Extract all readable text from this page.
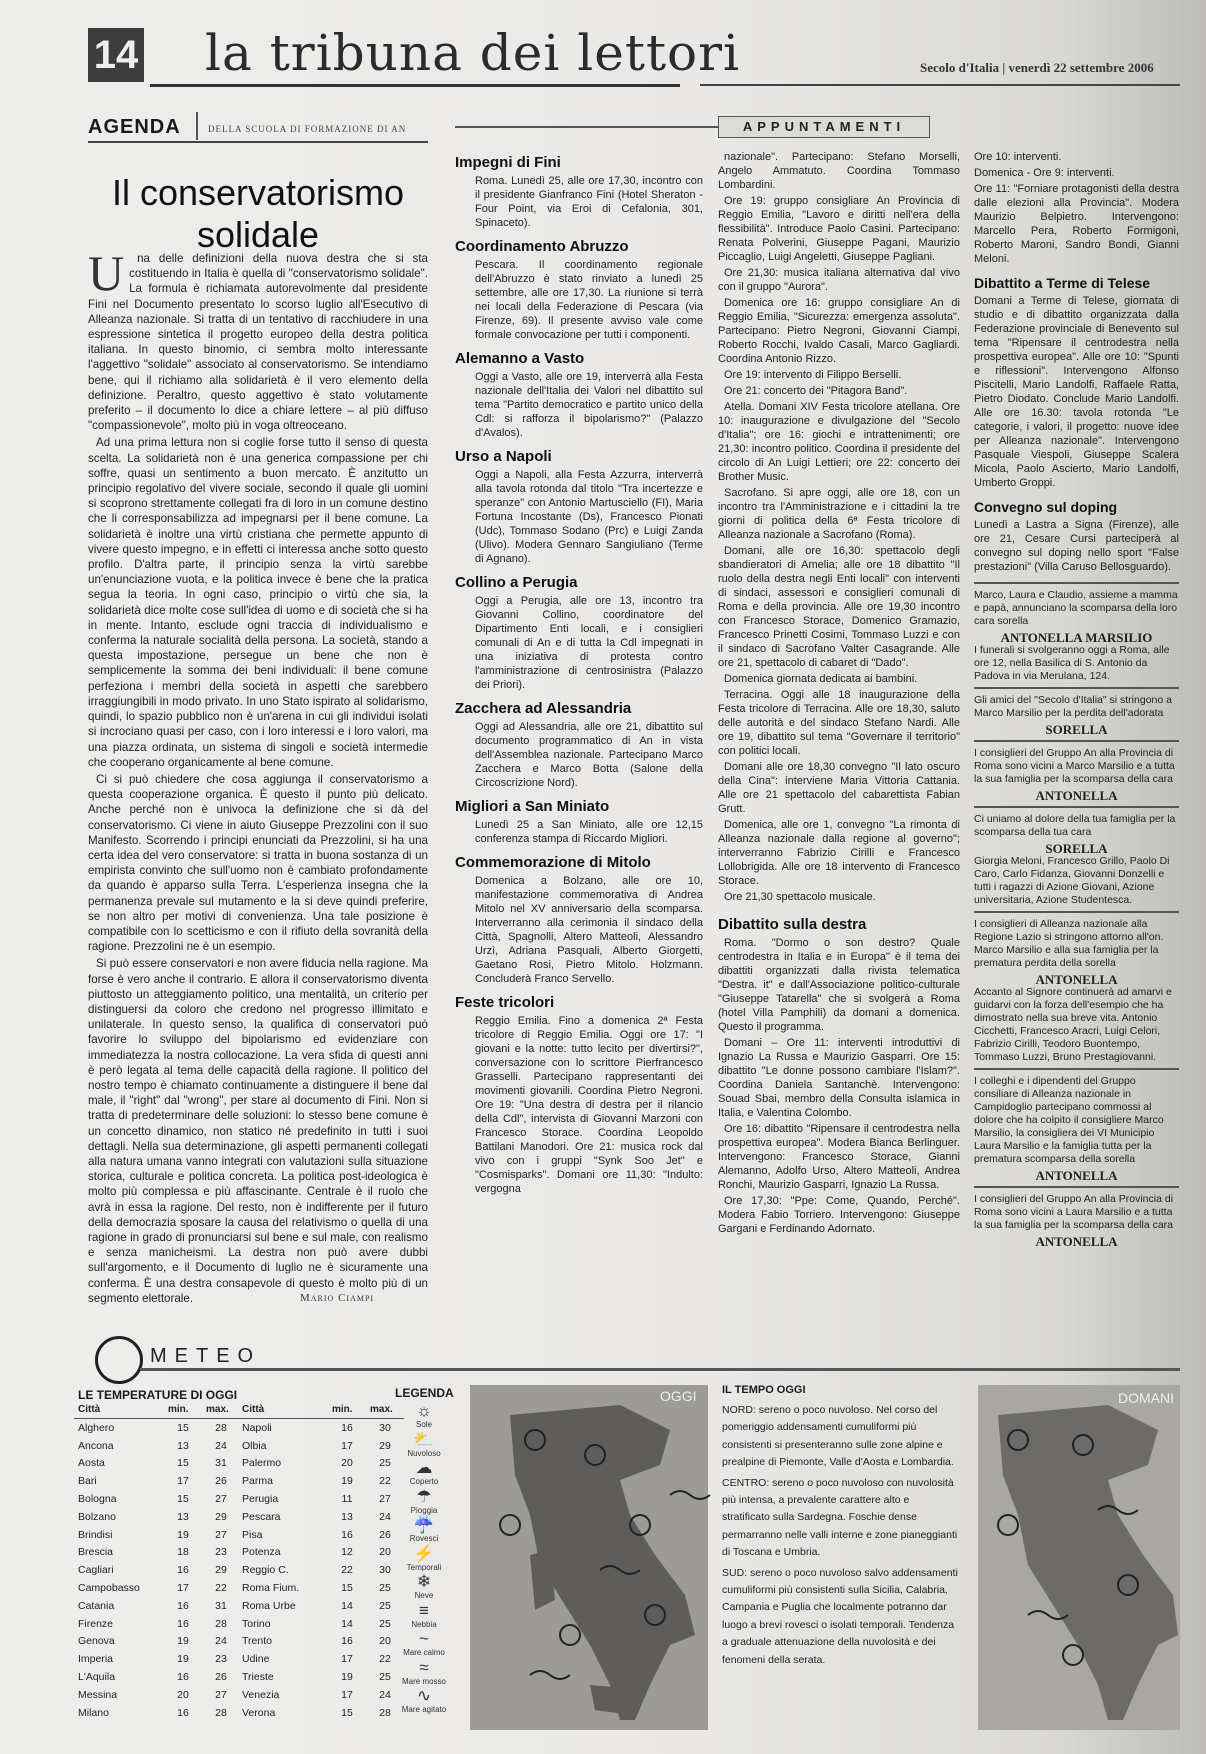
14 la tribuna dei lettori	Secolo d'Italia | venerdì 22 settembre 2006
AGENDA	DELLA SCUOLA DI FORMAZIONE DI AN
Il conservatorismo solidale
U	na delle definizioni della nuova destra che si sta costituendo in Italia è quella di "conservatorismo solidale". La formula è richiamata autorevolmente dal presidente Fini nel Documento presentato lo scorso luglio all'Esecutivo di Alleanza nazionale. Si tratta di un tentativo di racchiudere in una espressione sintetica il progetto europeo della destra politica italiana. In questo binomio, ci sembra molto interessante l'aggettivo "solidale" associato al conservatorismo. Se intendiamo bene, qui il richiamo alla solidarietà è il vero elemento della definizione. Peraltro, questo aggettivo è stato volutamente preferito – il documento lo dice a chiare lettere – al più diffuso "compassionevole", molto più in voga oltreoceano.

Ad una prima lettura non si coglie forse tutto il senso di questa scelta. La solidarietà non è una generica compassione per chi soffre, quasi un sentimento a buon mercato. È anzitutto un principio regolativo del vivere sociale, secondo il quale gli uomini si scoprono strettamente collegati fra di loro in un comune destino che li corresponsabilizza ad impegnarsi per il bene comune. La solidarietà è inoltre una virtù cristiana che permette appunto di vivere questo impegno, e in effetti ci interessa anche sotto questo profilo. D'altra parte, il principio senza la virtù sarebbe un'enunciazione vuota, e la politica invece è bene che la pratica segua la teoria. In ogni caso, principio o virtù che sia, la solidarietà dice molte cose sull'idea di uomo e di società che si ha in mente. Intanto, esclude ogni traccia di individualismo e conferma la naturale socialità della persona. La società, stando a questa impostazione, persegue un bene che non è semplicemente la somma dei beni individuali: il bene comune perfeziona i membri della società in aspetti che sarebbero irraggiungibili in modo privato. In uno Stato ispirato al solidarismo, quindi, lo spazio pubblico non è un'arena in cui gli individui isolati si incrociano quasi per caso, con i loro interessi e i loro valori, ma una piazza ordinata, un sistema di singoli e società intermedie che cooperano organicamente al bene comune.

Ci si può chiedere che cosa aggiunga il conservatorismo a questa cooperazione organica. È questo il punto più delicato. Anche perché non è univoca la definizione che si dà del conservatorismo. Ci viene in aiuto Giuseppe Prezzolini con il suo Manifesto. Scorrendo i principi enunciati da Prezzolini, si ha una certa idea del vero conservatore: si tratta in buona sostanza di un empirista convinto che sull'uomo non è cambiato profondamente da quando è apparso sulla Terra. L'esperienza insegna che la permanenza prevale sul mutamento e la si deve quindi preferire, se non altro per motivi di convenienza. Una tale posizione è compatibile con lo scetticismo e con il rifiuto della sovranità della ragione. Prezzolini ne è un esempio.

Si può essere conservatori e non avere fiducia nella ragione. Ma forse è vero anche il contrario. E allora il conservatorismo diventa piuttosto un atteggiamento politico, una mentalità, un criterio per distinguersi da coloro che credono nel progresso illimitato e unilaterale. In questo senso, la qualifica di conservatori può favorire lo sviluppo del bipolarismo ed evidenziare con immediatezza la nostra collocazione. La vera sfida di questi anni è però legata al tema delle capacità della ragione. Il politico del nostro tempo è chiamato continuamente a distinguere il bene dal male, il "right" dal "wrong", per stare al documento di Fini. Non si tratta di predeterminare delle soluzioni: lo stesso bene comune è un concetto dinamico, non statico né predefinito in tutti i suoi dettagli. Nella sua determinazione, gli aspetti permanenti collegati alla natura umana vanno integrati con valutazioni sulla situazione storica, culturale e politica concreta. La politica post-ideologica è molto più complessa e più affascinante. Centrale è il ruolo che avrà in essa la ragione. Del resto, non è indifferente per il futuro della democrazia sposare la causa del relativismo o quella di una ragione in grado di pronunciarsi sul bene e sul male, con realismo e senza manicheismi. La destra non può avere dubbi sull'argomento, e il Documento di luglio ne è sicuramente una conferma. È una destra consapevole di questo è molto più di un segmento elettorale.	Mario Ciampi
APPUNTAMENTI
Impegni di Fini

Roma. Lunedì 25, alle ore 17,30, incontro con il presidente Gianfranco Fini (Hotel Sheraton - Four Point, via Eroi di Cefalonia, 301, Spinaceto).

Coordinamento Abruzzo

Pescara. Il coordinamento regionale dell'Abruzzo è stato rinviato a lunedì 25 settembre, alle ore 17,30. La riunione si terrà nei locali della Federazione di Pescara (via Firenze, 69). Il presente avviso vale come formale convocazione per tutti i componenti.

Alemanno a Vasto

Oggi a Vasto, alle ore 19, interverrà alla Festa nazionale dell'Italia dei Valori nel dibattito sul tema "Partito democratico e partito unico della Cdl: si rafforza il bipolarismo?" (Palazzo d'Avalos).

Urso a Napoli

Oggi a Napoli, alla Festa Azzurra, interverrà alla tavola rotonda dal titolo "Tra incertezze e speranze" con Antonio Martusciello (FI), Maria Fortuna Incostante (Ds), Francesco Pionati (Udc), Tommaso Sodano (Prc) e Luigi Zanda (Ulivo). Modera Gennaro Sangiuliano (Terme di Agnano).

Collino a Perugia

Oggi a Perugia, alle ore 13, incontro tra Giovanni Collino, coordinatore del Dipartimento Enti locali, e i consiglieri comunali di An e di tutta la Cdl impegnati in una iniziativa di protesta contro l'amministrazione di centrosinistra (Palazzo dei Priori).

Zacchera ad Alessandria

Oggi ad Alessandria, alle ore 21, dibattito sul documento programmatico di An in vista dell'Assemblea nazionale. Partecipano Marco Zacchera e Marco Botta (Salone della Circoscrizione Nord).

Migliori a San Miniato

Lunedì 25 a San Miniato, alle ore 12,15 conferenza stampa di Riccardo Migliori.

Commemorazione di Mitolo

Domenica a Bolzano, alle ore 10, manifestazione commemorativa di Andrea Mitolo nel XV anniversario della scomparsa. Interverranno alla cerimonia il sindaco della Città, Spagnolli, Altero Matteoli, Alessandro Urzì, Adriana Pasquali, Alberto Giorgetti, Gaetano Rosi, Pietro Mitolo. Holzmann. Concluderà Franco Servello.

Feste tricolori

Reggio Emilia. Fino a domenica 2ª Festa tricolore di Reggio Emilia. Oggi ore 17: "I giovani e la notte: tutto lecito per divertirsi?", conversazione con lo scrittore Pierfrancesco Grasselli. Partecipano rappresentanti dei movimenti giovanili. Coordina Pietro Negroni. Ore 19: "Una destra di destra per il rilancio della Cdl", intervista di Giovanni Marzoni con Francesco Storace. Coordina Leopoldo Battilani Manodori. Ore 21: musica rock dal vivo con i gruppi "Synk Soo Jet" e "Cosmisparks". Domani ore 11,30: "Indulto: vergogna

nazionale". Partecipano: Stefano Morselli, Angelo Ammatuto. Coordina Tommaso Lombardini.

Ore 19: gruppo consigliare An Provincia di Reggio Emilia, "Lavoro e diritti nell'era della flessibilità". Introduce Paolo Casini. Partecipano: Renata Polverini, Giuseppe Pagani, Maurizio Piccaglio, Luigi Angeletti, Giuseppe Pagliani.

Ore 21,30: musica italiana alternativa dal vivo con il gruppo "Aurora".

Domenica ore 16: gruppo consigliare An di Reggio Emilia, "Sicurezza: emergenza assoluta". Partecipano: Pietro Negroni, Giovanni Ciampi, Roberto Rocchi, Ivaldo Casali, Marco Gagliardi. Coordina Antonio Rizzo.

Ore 19: intervento di Filippo Berselli.

Ore 21: concerto dei "Pitagora Band".

Atella. Domani XIV Festa tricolore atellana. Ore 10: inaugurazione e divulgazione del "Secolo d'Italia"; ore 16: giochi e intrattenimenti; ore 21,30: incontro politico. Coordina il presidente del circolo di An Luigi Lettieri; ore 22: concerto dei Brother Music.

Sacrofano. Si apre oggi, alle ore 18, con un incontro tra l'Amministrazione e i cittadini la tre giorni di politica della 6ª Festa tricolore di Alleanza nazionale a Sacrofano (Roma).

Domani, alle ore 16,30: spettacolo degli sbandieratori di Amelia; alle ore 18 dibattito "Il ruolo della destra negli Enti locali" con interventi di sindaci, assessori e consiglieri comunali di Roma e della provincia. Alle ore 19,30 incontro con Francesco Storace, Domenico Gramazio, Francesco Prinetti Cosimi, Tommaso Luzzi e con il sindaco di Sacrofano Valter Casagrande. Alle ore 21, spettacolo di cabaret di "Dado".

Domenica giornata dedicata ai bambini.

Terracina. Oggi alle 18 inaugurazione della Festa tricolore di Terracina. Alle ore 18,30, saluto delle autorità e del sindaco Stefano Nardi. Alle ore 19, dibattito sul tema "Governare il territorio" con politici locali.

Domani alle ore 18,30 convegno "Il lato oscuro della Cina": interviene Maria Vittoria Cattania. Alle ore 21 spettacolo del cabarettista Fabian Grutt.

Domenica, alle ore 1, convegno "La rimonta di Alleanza nazionale dalla regione al governo"; interverranno Fabrizio Cirilli e Francesco Lollobrigida. Alle ore 18 intervento di Francesco Storace.

Ore 21,30 spettacolo musicale.

Dibattito sulla destra

Roma. "Dormo o son destro? Quale centrodestra in Italia e in Europa" è il tema dei dibattiti organizzati dalla rivista telematica "Destra. it" e dall'Associazione politico-culturale "Giuseppe Tatarella" che si svolgerà a Roma (hotel Villa Pamphili) da domani a domenica. Questo il programma.

Domani – Ore 11: interventi introduttivi di Ignazio La Russa e Maurizio Gasparri. Ore 15: dibattito "Le donne possono cambiare l'Islam?". Coordina Daniela Santanchè. Intervengono: Souad Sbai, membro della Consulta islamica in Italia, e Valentina Colombo.

Ore 16: dibattito "Ripensare il centrodestra nella prospettiva europea". Modera Bianca Berlinguer. Intervengono: Francesco Storace, Gianni Alemanno, Adolfo Urso, Altero Matteoli, Andrea Ronchi, Maurizio Gasparri, Ignazio La Russa.

Ore 17,30: "Ppe: Come, Quando, Perché". Modera Fabio Torriero. Intervengono: Giuseppe Gargani e Ferdinando Adornato.

Ore 10: interventi.

Domenica - Ore 9: interventi.

Ore 11: "Forniare protagonisti della destra dalle elezioni alla Provincia". Modera Maurizio Belpietro. Intervengono: Marcello Pera, Roberto Formigoni, Roberto Maroni, Sandro Bondi, Gianni Meloni.

Dibattito a Terme di Telese

Domani a Terme di Telese, giornata di studio e di dibattito organizzata dalla Federazione provinciale di Benevento sul tema "Ripensare il centrodestra nella prospettiva europea". Alle ore 10: "Spunti e riflessioni". Intervengono Alfonso Piscitelli, Mario Landolfi, Raffaele Ratta, Pietro Diodato. Conclude Mario Landolfi. Alle ore 16.30: tavola rotonda "Le categorie, i valori, il progetto: nuove idee per Alleanza nazionale". Intervengono Pasquale Viespoli, Giuseppe Scalera Micola, Paolo Ascierto, Mario Landolfi, Umberto Groppi.

Convegno sul doping

Lunedì a Lastra a Signa (Firenze), alle ore 21, Cesare Cursi parteciperà al convegno sul doping nello sport "False prestazioni" (Villa Caruso Bellosguardo).

Marco, Laura e Claudio, assieme a mamma e papà, annunciano la scomparsa della loro cara sorella
ANTONELLA MARSILIO
I funerali si svolgeranno oggi a Roma, alle ore 12, nella Basilica di S. Antonio da Padova in via Merulana, 124.
Gli amici del "Secolo d'Italia" si stringono a Marco Marsilio per la perdita dell'adorata
SORELLA
I consiglieri del Gruppo An alla Provincia di Roma sono vicini a Marco Marsilio e a tutta la sua famiglia per la scomparsa della cara
ANTONELLA
Ci uniamo al dolore della tua famiglia per la scomparsa della tua cara
SORELLA
Giorgia Meloni, Francesco Grillo, Paolo Di Caro, Carlo Fidanza, Giovanni Donzelli e tutti i ragazzi di Azione Giovani, Azione universitaria, Azione Studentesca.
I consiglieri di Alleanza nazionale alla Regione Lazio si stringono attorno all'on. Marco Marsilio e alla sua famiglia per la prematura perdita della sorella
ANTONELLA
Accanto al Signore continuerà ad amarvi e guidarvi con la forza dell'esempio che ha dimostrato nella sua breve vita. Antonio Cicchetti, Francesco Aracri, Luigi Celori, Fabrizio Cirilli, Teodoro Buontempo, Tommaso Luzzi, Bruno Prestagiovanni.
I colleghi e i dipendenti del Gruppo consiliare di Alleanza nazionale in Campidoglio partecipano commossi al dolore che ha colpito il consigliere Marco Marsilio, la consigliera dei VI Municipio Laura Marsilio e la famiglia tutta per la prematura scomparsa della sorella
ANTONELLA
I consiglieri del Gruppo An alla Provincia di Roma sono vicini a Laura Marsilio e a tutta la sua famiglia per la scomparsa della cara
ANTONELLA
METEO
LE TEMPERATURE DI OGGI
Città	min.	max.
Alghero	15	28
Ancona	13	24
Aosta	15	31
Bari	17	26
Bologna	15	27
Bolzano	13	29
Brindisi	19	27
Brescia	18	23
Cagliari	16	29
Campobasso	17	22
Catania	16	31
Firenze	16	28
Genova	19	24
Imperia	19	23
L'Aquila	16	26
Messina	20	27
Milano	16	28
Città	min.	max.
Napoli	16	30
Olbia	17	29
Palermo	20	25
Parma	19	22
Perugia	11	27
Pescara	13	24
Pisa	16	26
Potenza	12	20
Reggio C.	22	30
Roma Fium.	15	25
Roma Urbe	14	25
Torino	14	25
Trento	16	20
Udine	17	22
Trieste	19	25
Venezia	17	24
Verona	15	28
LEGENDA
☼
Sole
⛅
Nuvoloso
☁
Coperto
☂
Pioggia
☔
Rovesci
⚡
Temporali
❄
Neve
≡
Nebbia
~
Mare calmo
≈
Mare mosso
∿
Mare agitato
OGGI IL TEMPO OGGI

NORD: sereno o poco nuvoloso. Nel corso del pomeriggio addensamenti cumuliformi più consistenti si presenteranno sulle zone alpine e prealpine di Piemonte, Valle d'Aosta e Lombardia.

CENTRO: sereno o poco nuvoloso con nuvolosità più intensa, a prevalente carattere alto e stratificato sulla Sardegna. Foschie dense permarranno nelle valli interne e zone pianeggianti di Toscana e Umbria.

SUD: sereno o poco nuvoloso salvo addensamenti cumuliformi più consistenti sulla Sicilia, Calabria, Campania e Puglia che localmente potranno dar luogo a brevi rovesci o isolati temporali. Tendenza a graduale attenuazione della nuvolosità e dei fenomeni della serata.

DOMANI
